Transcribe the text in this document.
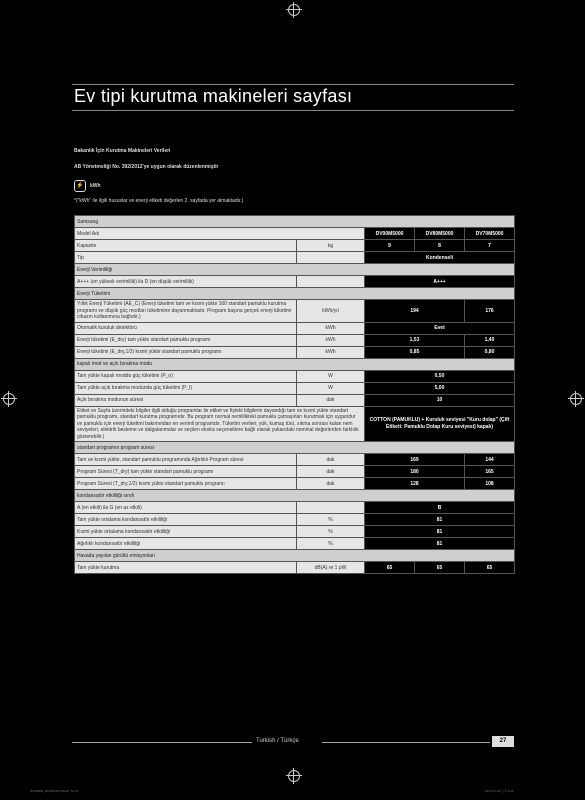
Ev tipi kurutma makineleri sayfası
Bakanlık İçin Kurutma Makineleri Verileri
AB Yönetmeliği No. 392/2012'ye uygun olarak düzenlenmiştir
⚡	kWh
*("kWh" ile ilgili hususlar ve enerji etiketi değerleri 2. sayfada yer almaktadır.)
Samsung				
Model Adı		DV90M5000	DV80M5000	DV70M5000
Kapasite	kg	9	8	7
Tip		Kondenseli		
Enerji Verimliliği				
A+++ (en yüksek verimlilik) ila D (en düşük verimlilik)		A+++		
Enerji Tüketimi				
Yıllık Enerji Tüketimi (AE_C) (Enerji tüketimi tam ve kısmi yükte 160 standart pamuklu kurutma programı ve düşük güç modları tüketimine dayanmaktadır. Program başına gerçek enerji tüketimi cihazın kullanımına bağlıdır.)	kWh/yıl	194		176
Otomatik kuruluk detektörü	kWh	Evet		
Enerji tüketimi (E_dry) tam yükte standart pamuklu programı	kWh	1,53		1,40
Enerji tüketimi (E_dry,1/2) kısmi yükte standart pamuklu programı	kWh	0,85		0,80
kapalı mod ve açık bırakma modu				
Tam yükte kapalı modda güç tüketimi (P_o)	W	0,50		
Tam yükte açık bırakma modunda güç tüketimi (P_l)	W	5,00		
Açık bırakma modunun süresi	dak	10		
Etiket ve Sayfa üzerindeki bilgiler ilgili olduğu programlar ile etiket ve fişteki bilgilerin dayandığı tam ve kısmi yükte standart pamuklu programı, standart kurutma programıdır. Bu program normal nemlilikteki pamuklu çamaşırları kurutmak için uygundur ve pamuklu için enerji tüketimi bakımından en verimli programdır. Tüketim verileri; yük, kumaş türü, sıkma sonrası kalan nem seviyeleri, elektrik besleme ve dalgalanmalar ve seçilen ekstra seçeneklere bağlı olarak yukarıdaki nominal değerlerden farklılık gösterebilir.)		COTTON (PAMUKLU) + Kuruluk seviyesi "Kuru dolap" (Çift Etiketi: Pamuklu Dolap Kuru seviyesi) kapalı)		
standart programın program süresi				
Tam ve kısmi yükte, standart pamuklu programında Ağırlıklı Program süresi	dak	169		144
Program Süresi (T_dry) tam yükte standart pamuklu programı	dak	180		165
Program Süresi (T_dry,1/2) kısmi yükte standart pamuklu programı	dak	128		108
kondansatör etkililiği sınıfı				
A (en etkili) ila G (en az etkili)		B		
Tam yükte ortalama kondansatör etkililiği	%	81		
Kısmi yükte ortalama kondansatör etkililiği	%	81		
Ağırlıklı kondansatör etkililiği	%	81		
Havada yayılan gürültü emisyonları				
Tam yükte kurutma	dB(A) re 1 pW	65	65	65
Turkish / Türkçe	27
DV5000M_DC68-03717M-02_TR 27	2017-07-19 오후 3:25
